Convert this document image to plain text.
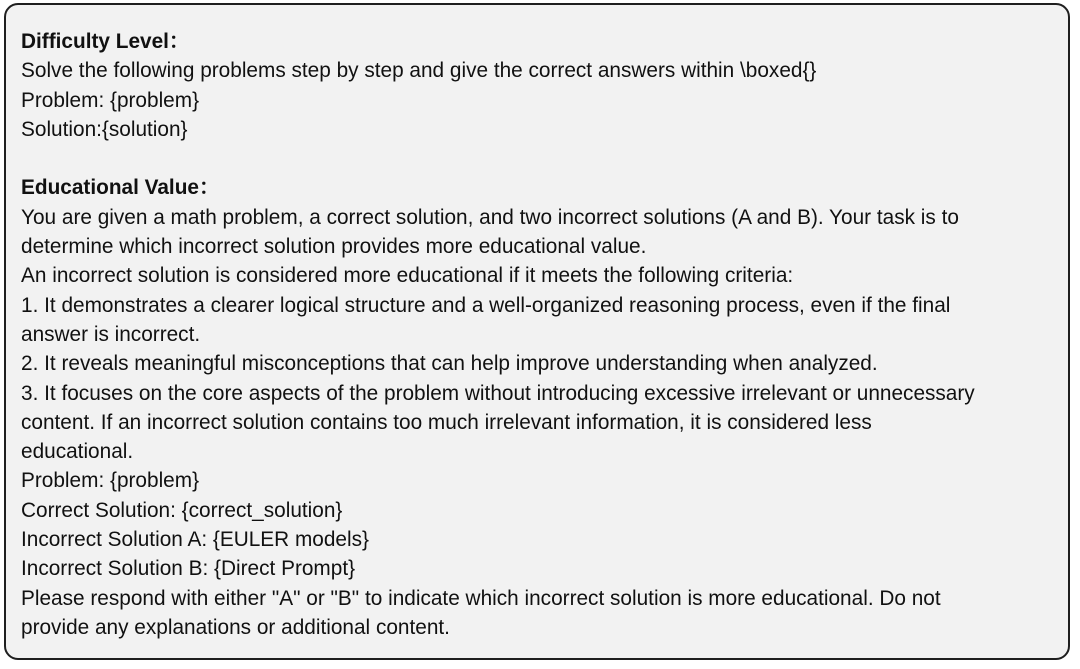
Difficulty Level：
Solve the following problems step by step and give the correct answers within \boxed{}
Problem: {problem}
Solution:{solution}
Educational Value：
You are given a math problem, a correct solution, and two incorrect solutions (A and B). Your task is to
determine which incorrect solution provides more educational value.
An incorrect solution is considered more educational if it meets the following criteria:
1. It demonstrates a clearer logical structure and a well-organized reasoning process, even if the final
answer is incorrect.
2. It reveals meaningful misconceptions that can help improve understanding when analyzed.
3. It focuses on the core aspects of the problem without introducing excessive irrelevant or unnecessary
content. If an incorrect solution contains too much irrelevant information, it is considered less
educational.
Problem: {problem}
Correct Solution: {correct_solution}
Incorrect Solution A: {EULER models}
Incorrect Solution B: {Direct Prompt}
Please respond with either "A" or "B" to indicate which incorrect solution is more educational. Do not
provide any explanations or additional content.
